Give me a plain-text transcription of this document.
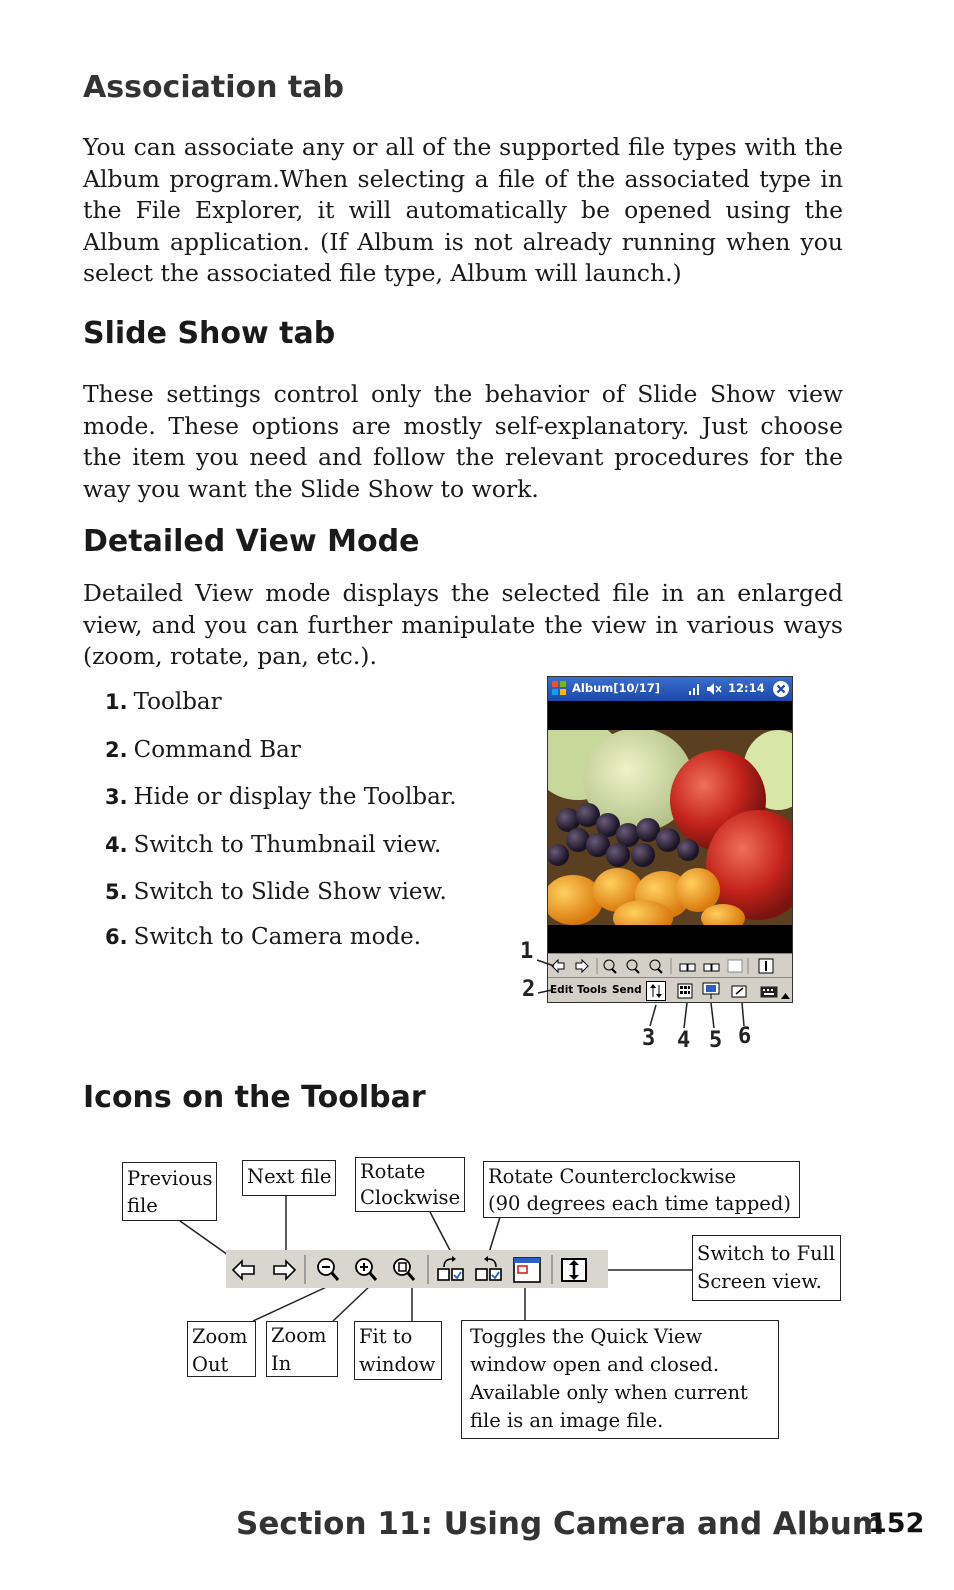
Association tab

You can associate any or all of the supported file types with the Album program.When selecting a file of the associated type in the File Explorer, it will automatically be opened using the Album application. (If Album is not already running when you select the associated file type, Album will launch.)

Slide Show tab

These settings control only the behavior of Slide Show view mode. These options are mostly self-explanatory. Just choose the item you need and follow the relevant procedures for the way you want the Slide Show to work.

Detailed View Mode

Detailed View mode displays the selected file in an enlarged view, and you can further manipulate the view in various ways (zoom, rotate, pan, etc.).

1. Toolbar
2. Command Bar
3. Hide or display the Toolbar.
4. Switch to Thumbnail view.
5. Switch to Slide Show view.
6. Switch to Camera mode.
Album[10/17]	12:14
Edit Tools Send
1
2
3 4 5 6
Icons on the Toolbar
Previous file
Next file Rotate Clockwise
Rotate Counterclockwise
(90 degrees each time tapped)
Switch to Full Screen view.
Zoom Out
Zoom In
Fit to window
Toggles the Quick View window open and closed. Available only when current file is an image file.
Section 11: Using Camera and Album
152
